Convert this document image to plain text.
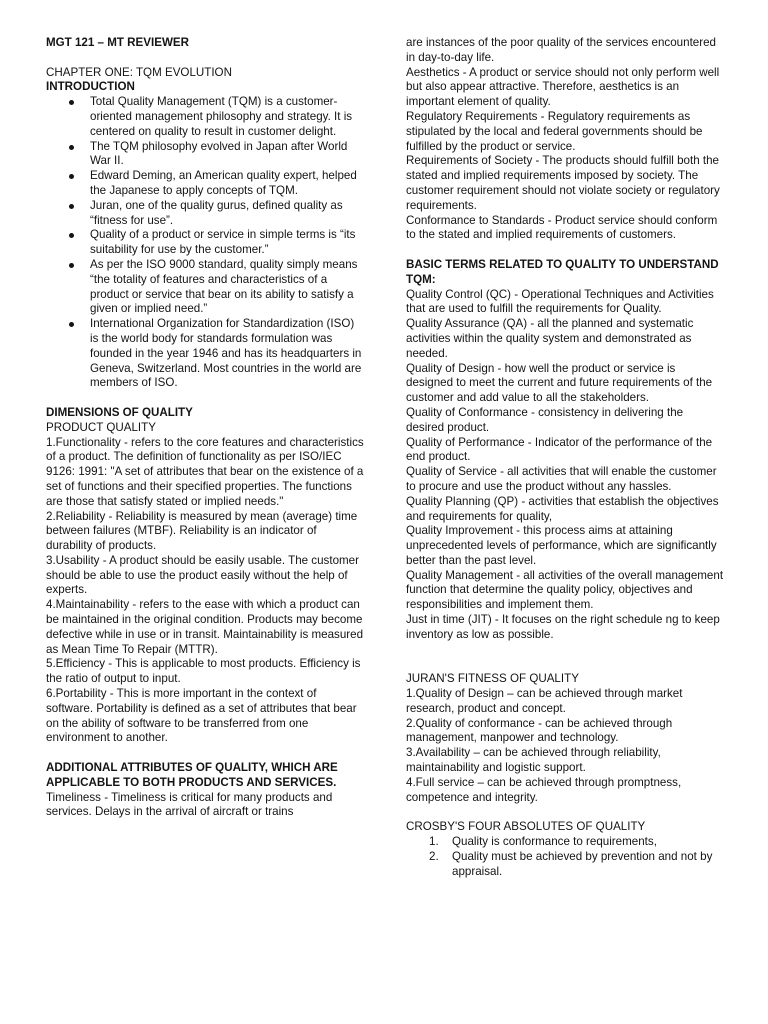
MGT 121 – MT REVIEWER

CHAPTER ONE: TQM EVOLUTION

INTRODUCTION

Total Quality Management (TQM) is a customer-oriented management philosophy and strategy. It is centered on quality to result in customer delight.
The TQM philosophy evolved in Japan after World War II.
Edward Deming, an American quality expert, helped the Japanese to apply concepts of TQM.
Juran, one of the quality gurus, defined quality as “fitness for use”.
Quality of a product or service in simple terms is “its suitability for use by the customer.”
As per the ISO 9000 standard, quality simply means “the totality of features and characteristics of a product or service that bear on its ability to satisfy a given or implied need.”
International Organization for Standardization (ISO) is the world body for standards formulation was founded in the year 1946 and has its headquarters in Geneva, Switzerland. Most countries in the world are members of ISO.

DIMENSIONS OF QUALITY

PRODUCT QUALITY

1.Functionality - refers to the core features and characteristics of a product. The definition of functionality as per ISO/IEC 9126: 1991: "A set of attributes that bear on the existence of a set of functions and their specified properties. The functions are those that satisfy stated or implied needs."

2.Reliability - Reliability is measured by mean (average) time between failures (MTBF). Reliability is an indicator of durability of products.

3.Usability - A product should be easily usable. The customer should be able to use the product easily without the help of experts.

4.Maintainability - refers to the ease with which a product can be maintained in the original condition. Products may become defective while in use or in transit. Maintainability is measured as Mean Time To Repair (MTTR).

5.Efficiency - This is applicable to most products. Efficiency is the ratio of output to input.

6.Portability - This is more important in the context of software. Portability is defined as a set of attributes that bear on the ability of software to be transferred from one environment to another.

ADDITIONAL ATTRIBUTES OF QUALITY, WHICH ARE APPLICABLE TO BOTH PRODUCTS AND SERVICES.

Timeliness - Timeliness is critical for many products and services. Delays in the arrival of aircraft or trains

are instances of the poor quality of the services encountered in day-to-day life.

Aesthetics - A product or service should not only perform well but also appear attractive. Therefore, aesthetics is an important element of quality.

Regulatory Requirements - Regulatory requirements as stipulated by the local and federal governments should be fulfilled by the product or service.

Requirements of Society - The products should fulfill both the stated and implied requirements imposed by society. The customer requirement should not violate society or regulatory requirements.

Conformance to Standards - Product service should conform to the stated and implied requirements of customers.

BASIC TERMS RELATED TO QUALITY TO UNDERSTAND TQM:

Quality Control (QC) - Operational Techniques and Activities that are used to fulfill the requirements for Quality.

Quality Assurance (QA) - all the planned and systematic activities within the quality system and demonstrated as needed.

Quality of Design - how well the product or service is designed to meet the current and future requirements of the customer and add value to all the stakeholders.

Quality of Conformance - consistency in delivering the desired product.

Quality of Performance - Indicator of the performance of the end product.

Quality of Service - all activities that will enable the customer to procure and use the product without any hassles.

Quality Planning (QP) - activities that establish the objectives and requirements for quality,

Quality Improvement - this process aims at attaining unprecedented levels of performance, which are significantly better than the past level.

Quality Management - all activities of the overall management function that determine the quality policy, objectives and responsibilities and implement them.

Just in time (JIT) - It focuses on the right schedule ng to keep inventory as low as possible.

JURAN'S FITNESS OF QUALITY

1.Quality of Design – can be achieved through market research, product and concept.

2.Quality of conformance - can be achieved through management, manpower and technology.

3.Availability – can be achieved through reliability, maintainability and logistic support.

4.Full service – can be achieved through promptness, competence and integrity.

CROSBY'S FOUR ABSOLUTES OF QUALITY

1. Quality is conformance to requirements,
2. Quality must be achieved by prevention and not by appraisal.
